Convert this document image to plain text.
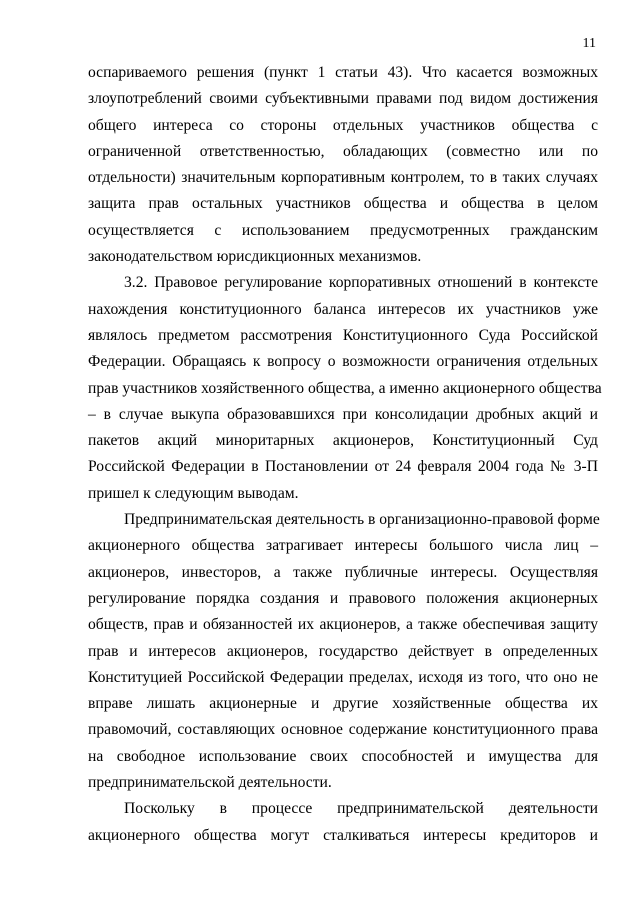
11
оспариваемого решения (пункт 1 статьи 43). Что касается возможных
злоупотреблений своими субъективными правами под видом достижения
общего интереса со стороны отдельных участников общества с
ограниченной ответственностью, обладающих (совместно или по
отдельности) значительным корпоративным контролем, то в таких случаях
защита прав остальных участников общества и общества в целом
осуществляется с использованием предусмотренных гражданским
законодательством юрисдикционных механизмов.
3.2. Правовое регулирование корпоративных отношений в контексте
нахождения конституционного баланса интересов их участников уже
являлось предметом рассмотрения Конституционного Суда Российской
Федерации. Обращаясь к вопросу о возможности ограничения отдельных
прав участников хозяйственного общества, а именно акционерного общества
– в случае выкупа образовавшихся при консолидации дробных акций и
пакетов акций миноритарных акционеров, Конституционный Суд
Российской Федерации в Постановлении от 24 февраля 2004 года № 3-П
пришел к следующим выводам.
Предпринимательская деятельность в организационно-правовой форме
акционерного общества затрагивает интересы большого числа лиц –
акционеров, инвесторов, а также публичные интересы. Осуществляя
регулирование порядка создания и правового положения акционерных
обществ, прав и обязанностей их акционеров, а также обеспечивая защиту
прав и интересов акционеров, государство действует в определенных
Конституцией Российской Федерации пределах, исходя из того, что оно не
вправе лишать акционерные и другие хозяйственные общества их
правомочий, составляющих основное содержание конституционного права
на свободное использование своих способностей и имущества для
предпринимательской деятельности.
Поскольку в процессе предпринимательской деятельности
акционерного общества могут сталкиваться интересы кредиторов и
